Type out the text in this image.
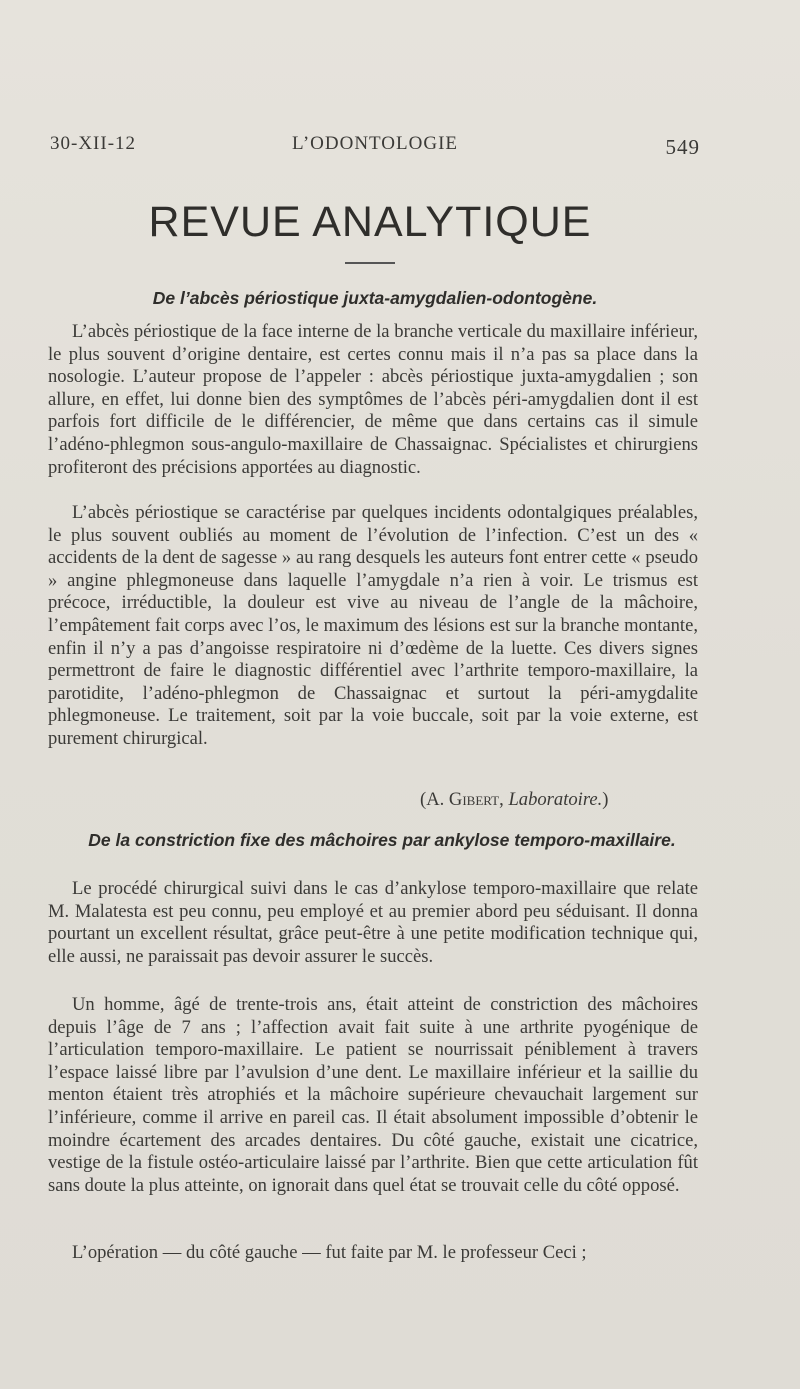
30-XII-12	L’ODONTOLOGIE	549
REVUE ANALYTIQUE
De l’abcès périostique juxta-amygdalien-odontogène.
L’abcès périostique de la face interne de la branche verticale du maxillaire inférieur, le plus souvent d’origine dentaire, est certes connu mais il n’a pas sa place dans la nosologie. L’auteur propose de l’appeler : abcès périostique juxta-amygdalien ; son allure, en effet, lui donne bien des symptômes de l’abcès péri-amygdalien dont il est parfois fort difficile de le différencier, de même que dans certains cas il simule l’adéno-phlegmon sous-angulo-maxillaire de Chassaignac. Spécialistes et chirurgiens profiteront des précisions apportées au diagnostic.
L’abcès périostique se caractérise par quelques incidents odontalgiques préalables, le plus souvent oubliés au moment de l’évolution de l’infection. C’est un des « accidents de la dent de sagesse » au rang desquels les auteurs font entrer cette « pseudo » angine phlegmoneuse dans laquelle l’amygdale n’a rien à voir. Le trismus est précoce, irréductible, la douleur est vive au niveau de l’angle de la mâchoire, l’empâtement fait corps avec l’os, le maximum des lésions est sur la branche montante, enfin il n’y a pas d’angoisse respiratoire ni d’œdème de la luette. Ces divers signes permettront de faire le diagnostic différentiel avec l’arthrite temporo-maxillaire, la parotidite, l’adéno-phlegmon de Chassaignac et surtout la péri-amygdalite phlegmoneuse. Le traitement, soit par la voie buccale, soit par la voie externe, est purement chirurgical.
(A. Gibert, Laboratoire.)
De la constriction fixe des mâchoires par ankylose temporo-maxillaire.
Le procédé chirurgical suivi dans le cas d’ankylose temporo-maxillaire que relate M. Malatesta est peu connu, peu employé et au premier abord peu séduisant. Il donna pourtant un excellent résultat, grâce peut-être à une petite modification technique qui, elle aussi, ne paraissait pas devoir assurer le succès.
Un homme, âgé de trente-trois ans, était atteint de constriction des mâchoires depuis l’âge de 7 ans ; l’affection avait fait suite à une arthrite pyogénique de l’articulation temporo-maxillaire. Le patient se nourrissait péniblement à travers l’espace laissé libre par l’avulsion d’une dent. Le maxillaire inférieur et la saillie du menton étaient très atrophiés et la mâchoire supérieure chevauchait largement sur l’inférieure, comme il arrive en pareil cas. Il était absolument impossible d’obtenir le moindre écartement des arcades dentaires. Du côté gauche, existait une cicatrice, vestige de la fistule ostéo-articulaire laissé par l’arthrite. Bien que cette articulation fût sans doute la plus atteinte, on ignorait dans quel état se trouvait celle du côté opposé.
L’opération — du côté gauche — fut faite par M. le professeur Ceci ;
